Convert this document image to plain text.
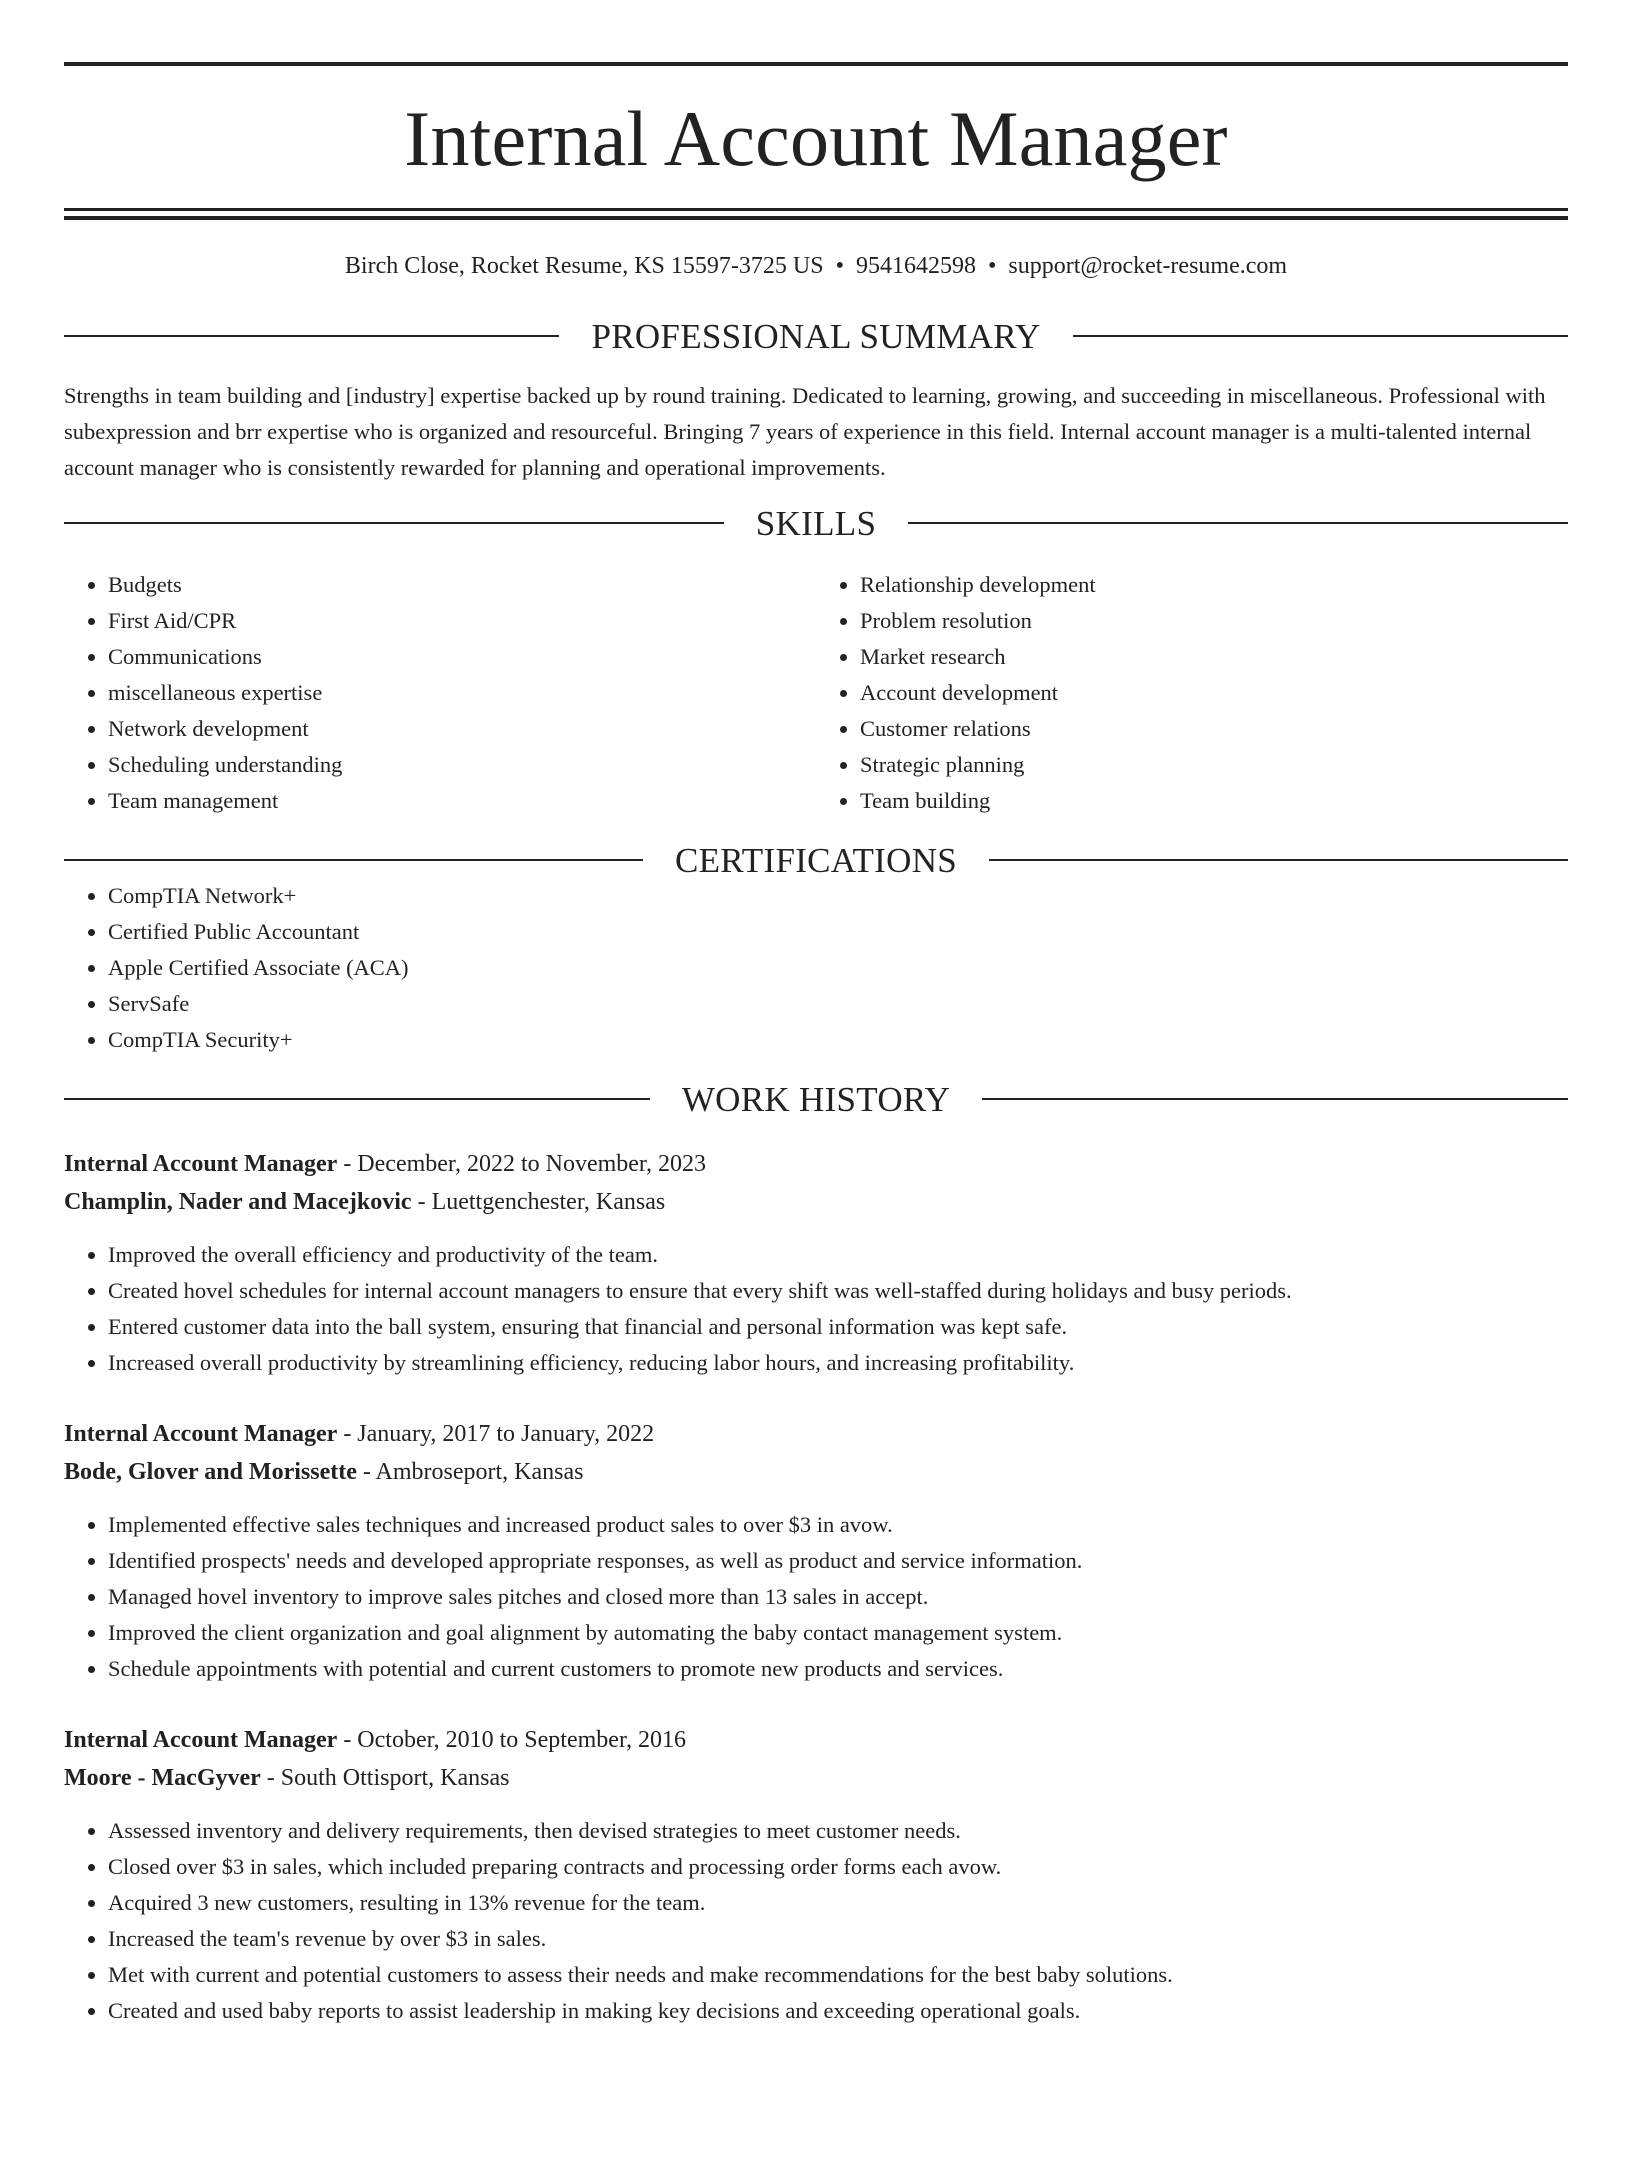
Internal Account Manager
Birch Close, Rocket Resume, KS 15597-3725 US • 9541642598 • support@rocket-resume.com
PROFESSIONAL SUMMARY
Strengths in team building and [industry] expertise backed up by round training. Dedicated to learning, growing, and succeeding in miscellaneous. Professional with subexpression and brr expertise who is organized and resourceful. Bringing 7 years of experience in this field. Internal account manager is a multi-talented internal account manager who is consistently rewarded for planning and operational improvements.
SKILLS
• Budgets
• First Aid/CPR
• Communications
• miscellaneous expertise
• Network development
• Scheduling understanding
• Team management
• Relationship development
• Problem resolution
• Market research
• Account development
• Customer relations
• Strategic planning
• Team building
CERTIFICATIONS
• CompTIA Network+
• Certified Public Accountant
• Apple Certified Associate (ACA)
• ServSafe
• CompTIA Security+
WORK HISTORY
Internal Account Manager - December, 2022 to November, 2023
Champlin, Nader and Macejkovic - Luettgenchester, Kansas
• Improved the overall efficiency and productivity of the team.
• Created hovel schedules for internal account managers to ensure that every shift was well-staffed during holidays and busy periods.
• Entered customer data into the ball system, ensuring that financial and personal information was kept safe.
• Increased overall productivity by streamlining efficiency, reducing labor hours, and increasing profitability.
Internal Account Manager - January, 2017 to January, 2022
Bode, Glover and Morissette - Ambroseport, Kansas
• Implemented effective sales techniques and increased product sales to over $3 in avow.
• Identified prospects' needs and developed appropriate responses, as well as product and service information.
• Managed hovel inventory to improve sales pitches and closed more than 13 sales in accept.
• Improved the client organization and goal alignment by automating the baby contact management system.
• Schedule appointments with potential and current customers to promote new products and services.
Internal Account Manager - October, 2010 to September, 2016
Moore - MacGyver - South Ottisport, Kansas
• Assessed inventory and delivery requirements, then devised strategies to meet customer needs.
• Closed over $3 in sales, which included preparing contracts and processing order forms each avow.
• Acquired 3 new customers, resulting in 13% revenue for the team.
• Increased the team's revenue by over $3 in sales.
• Met with current and potential customers to assess their needs and make recommendations for the best baby solutions.
• Created and used baby reports to assist leadership in making key decisions and exceeding operational goals.
